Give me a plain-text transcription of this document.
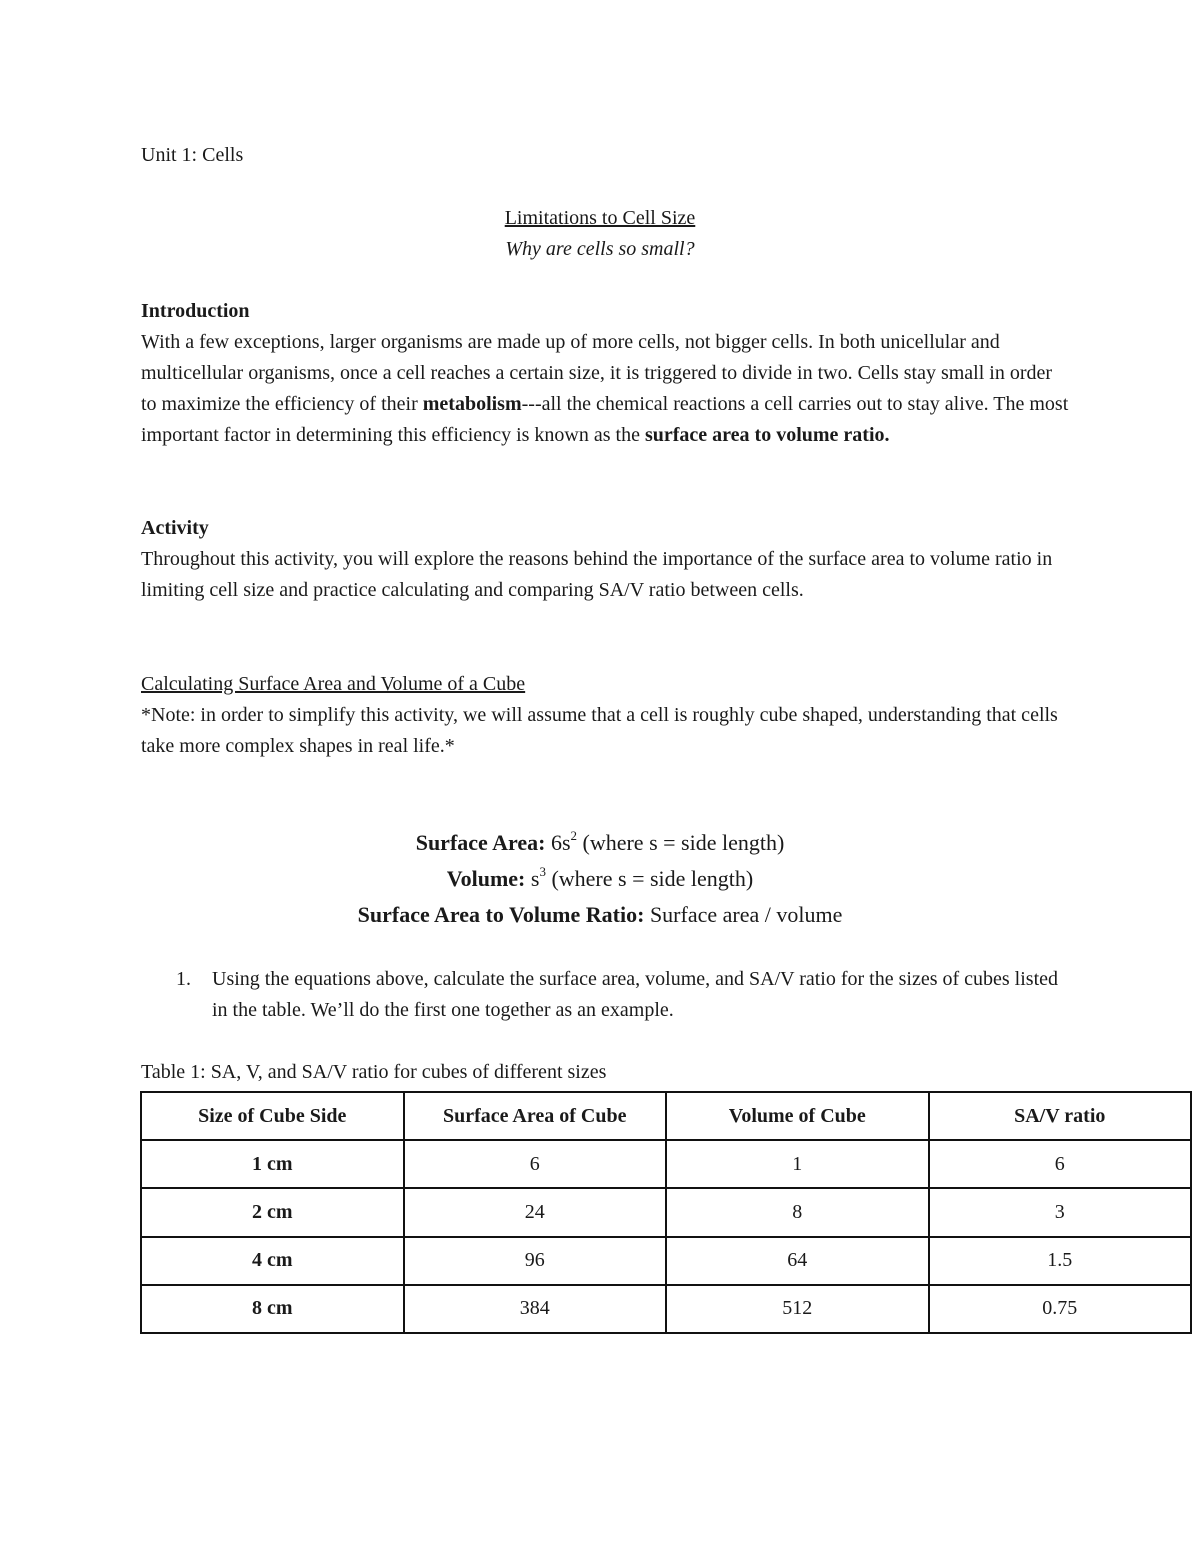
Unit 1: Cells
Limitations to Cell Size
Why are cells so small?
Introduction
With a few exceptions, larger organisms are made up of more cells, not bigger cells. In both unicellular and multicellular organisms, once a cell reaches a certain size, it is triggered to divide in two. Cells stay small in order to maximize the efficiency of their metabolism---all the chemical reactions a cell carries out to stay alive. The most important factor in determining this efficiency is known as the surface area to volume ratio.
Activity
Throughout this activity, you will explore the reasons behind the importance of the surface area to volume ratio in limiting cell size and practice calculating and comparing SA/V ratio between cells.
Calculating Surface Area and Volume of a Cube
*Note: in order to simplify this activity, we will assume that a cell is roughly cube shaped, understanding that cells take more complex shapes in real life.*
Surface Area: $6s^2$ (where s = side length)
Volume: $s^3$ (where s = side length)
Surface Area to Volume Ratio: Surface area / volume
1. Using the equations above, calculate the surface area, volume, and SA/V ratio for the sizes of cubes listed in the table. We’ll do the first one together as an example.
Table 1: SA, V, and SA/V ratio for cubes of different sizes
Size of Cube Side	Surface Area of Cube	Volume of Cube	SA/V ratio
1 cm	6	1	6
2 cm	24	8	3
4 cm	96	64	1.5
8 cm	384	512	0.75
